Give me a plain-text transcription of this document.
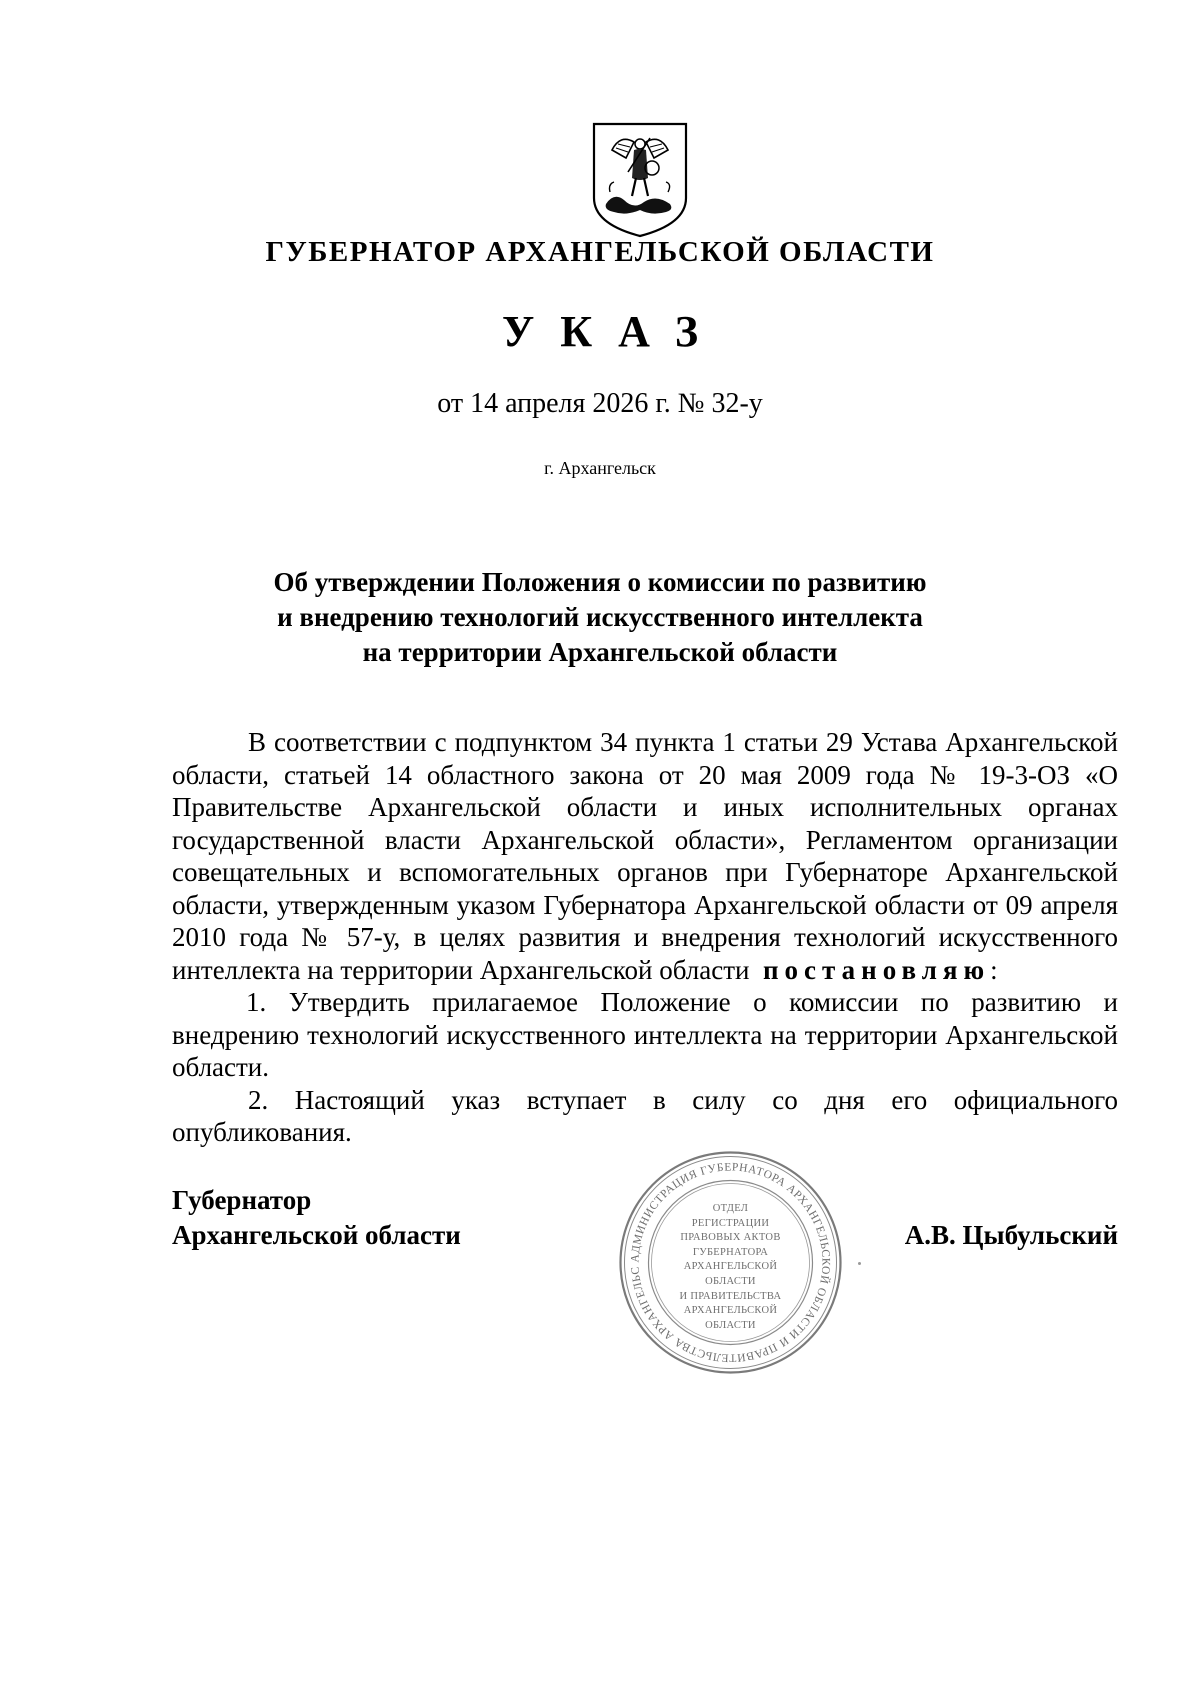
ГУБЕРНАТОР АРХАНГЕЛЬСКОЙ ОБЛАСТИ
УКАЗ
от 14 апреля 2026 г. № 32-у
г. Архангельск
Об утверждении Положения о комиссии по развитию
и внедрению технологий искусственного интеллекта
на территории Архангельской области

В соответствии с подпунктом 34 пункта 1 статьи 29 Устава Архангельской области, статьей 14 областного закона от 20 мая 2009 года № 19-3-ОЗ «О Правительстве Архангельской области и иных исполнительных органах государственной власти Архангельской области», Регламентом организации совещательных и вспомогательных органов при Губернаторе Архангельской области, утвержденным указом Губернатора Архангельской области от 09 апреля 2010 года № 57-у, в целях развития и внедрения технологий искусственного интеллекта на территории Архангельской области постановляю:

1. Утвердить прилагаемое Положение о комиссии по развитию и внедрению технологий искусственного интеллекта на территории Архангельской области.

2. Настоящий указ вступает в силу со дня его официального опубликования.

Губернатор
Архангельской области
АДМИНИСТРАЦИЯ ГУБЕРНАТОРА АРХАНГЕЛЬСКОЙ ОБЛАСТИ И ПРАВИТЕЛЬСТВА АРХАНГЕЛЬС
ОТДЕЛ
РЕГИСТРАЦИИ
ПРАВОВЫХ АКТОВ
ГУБЕРНАТОРА
АРХАНГЕЛЬСКОЙ
ОБЛАСТИ
И ПРАВИТЕЛЬСТВА
АРХАНГЕЛЬСКОЙ
ОБЛАСТИ
А.В. Цыбульский
